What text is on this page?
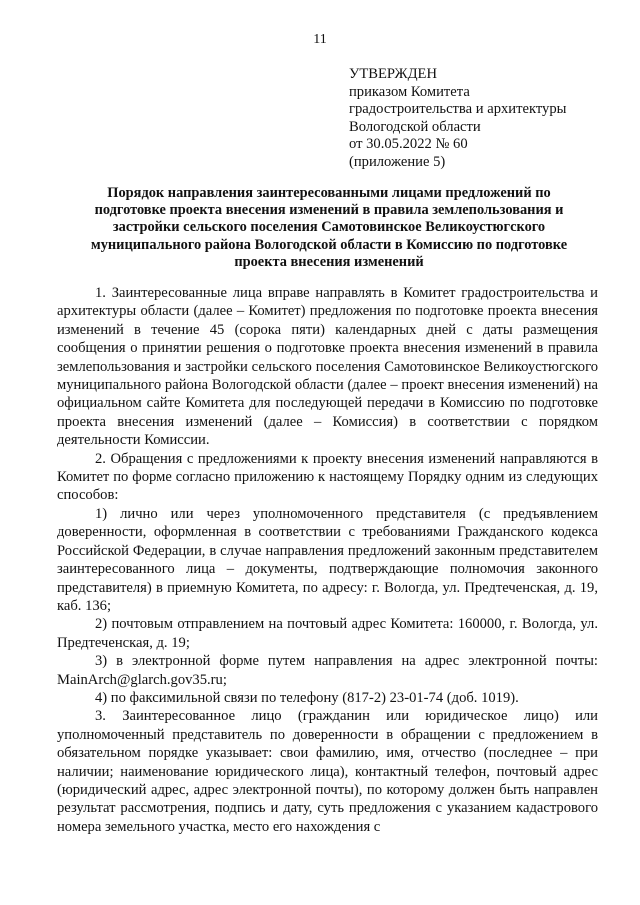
11
УТВЕРЖДЕН
приказом Комитета
градостроительства и архитектуры
Вологодской области
от 30.05.2022 № 60
(приложение 5)
Порядок направления заинтересованными лицами предложений по подготовке проекта внесения изменений в правила землепользования и застройки сельского поселения Самотовинское Великоустюгского муниципального района Вологодской области в Комиссию по подготовке проекта внесения изменений

1. Заинтересованные лица вправе направлять в Комитет градостроительства и архитектуры области (далее – Комитет) предложения по подготовке проекта внесения изменений в течение 45 (сорока пяти) календарных дней с даты размещения сообщения о принятии решения о подготовке проекта внесения изменений в правила землепользования и застройки сельского поселения Самотовинское Великоустюгского муниципального района Вологодской области (далее – проект внесения изменений) на официальном сайте Комитета для последующей передачи в Комиссию по подготовке проекта внесения изменений (далее – Комиссия) в соответствии с порядком деятельности Комиссии.

2. Обращения с предложениями к проекту внесения изменений направляются в Комитет по форме согласно приложению к настоящему Порядку одним из следующих способов:

1) лично или через уполномоченного представителя (с предъявлением доверенности, оформленная в соответствии с требованиями Гражданского кодекса Российской Федерации, в случае направления предложений законным представителем заинтересованного лица – документы, подтверждающие полномочия законного представителя) в приемную Комитета, по адресу: г. Вологда, ул. Предтеченская, д. 19, каб. 136;

2) почтовым отправлением на почтовый адрес Комитета: 160000, г. Вологда, ул. Предтеченская, д. 19;

3) в электронной форме путем направления на адрес электронной почты: MainArch@glarch.gov35.ru;

4) по факсимильной связи по телефону (817-2) 23-01-74 (доб. 1019).

3. Заинтересованное лицо (гражданин или юридическое лицо) или уполномоченный представитель по доверенности в обращении с предложением в обязательном порядке указывает: свои фамилию, имя, отчество (последнее – при наличии; наименование юридического лица), контактный телефон, почтовый адрес (юридический адрес, адрес электронной почты), по которому должен быть направлен результат рассмотрения, подпись и дату, суть предложения с указанием кадастрового номера земельного участка, место его нахождения с
